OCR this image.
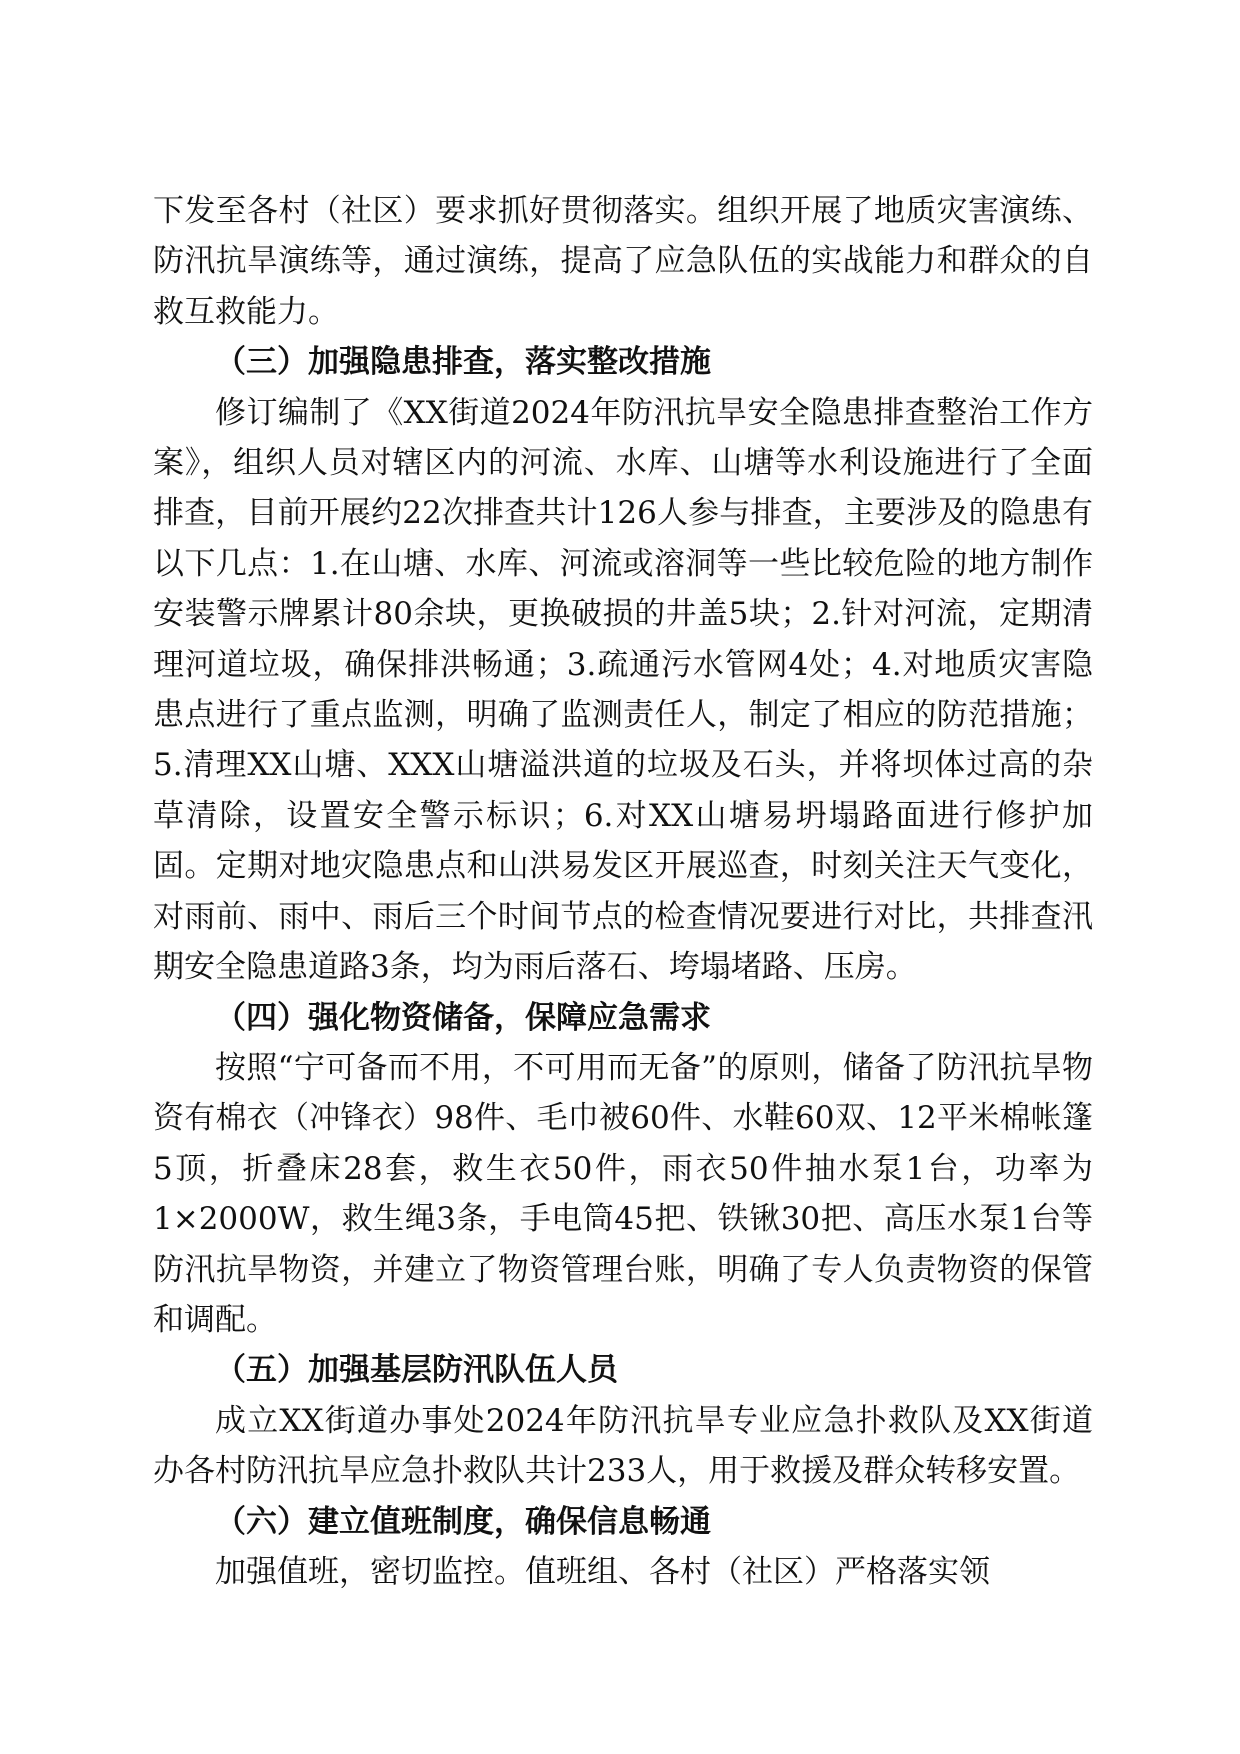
下发至各村（社区）要求抓好贯彻落实。组织开展了地质灾害演练、防汛抗旱演练等，通过演练，提高了应急队伍的实战能力和群众的自救互救能力。

（三）加强隐患排查，落实整改措施

修订编制了《XX街道2024年防汛抗旱安全隐患排查整治工作方案》，组织人员对辖区内的河流、水库、山塘等水利设施进行了全面排查，目前开展约22次排查共计126人参与排查，主要涉及的隐患有以下几点：1.在山塘、水库、河流或溶洞等一些比较危险的地方制作安装警示牌累计80余块，更换破损的井盖5块；2.针对河流，定期清理河道垃圾，确保排洪畅通；3.疏通污水管网4处；4.对地质灾害隐患点进行了重点监测，明确了监测责任人，制定了相应的防范措施；5.清理XX山塘、XXX山塘溢洪道的垃圾及石头，并将坝体过高的杂草清除，设置安全警示标识；6.对XX山塘易坍塌路面进行修护加固。定期对地灾隐患点和山洪易发区开展巡查，时刻关注天气变化，对雨前、雨中、雨后三个时间节点的检查情况要进行对比，共排查汛期安全隐患道路3条，均为雨后落石、垮塌堵路、压房。

（四）强化物资储备，保障应急需求

按照“宁可备而不用，不可用而无备”的原则，储备了防汛抗旱物资有棉衣（冲锋衣）98件、毛巾被60件、水鞋60双、12平米棉帐篷5顶，折叠床28套，救生衣50件，雨衣50件抽水泵1台，功率为1×2000W，救生绳3条，手电筒45把、铁锹30把、高压水泵1台等防汛抗旱物资，并建立了物资管理台账，明确了专人负责物资的保管和调配。

（五）加强基层防汛队伍人员

成立XX街道办事处2024年防汛抗旱专业应急扑救队及XX街道办各村防汛抗旱应急扑救队共计233人，用于救援及群众转移安置。

（六）建立值班制度，确保信息畅通

加强值班，密切监控。值班组、各村（社区）严格落实领
